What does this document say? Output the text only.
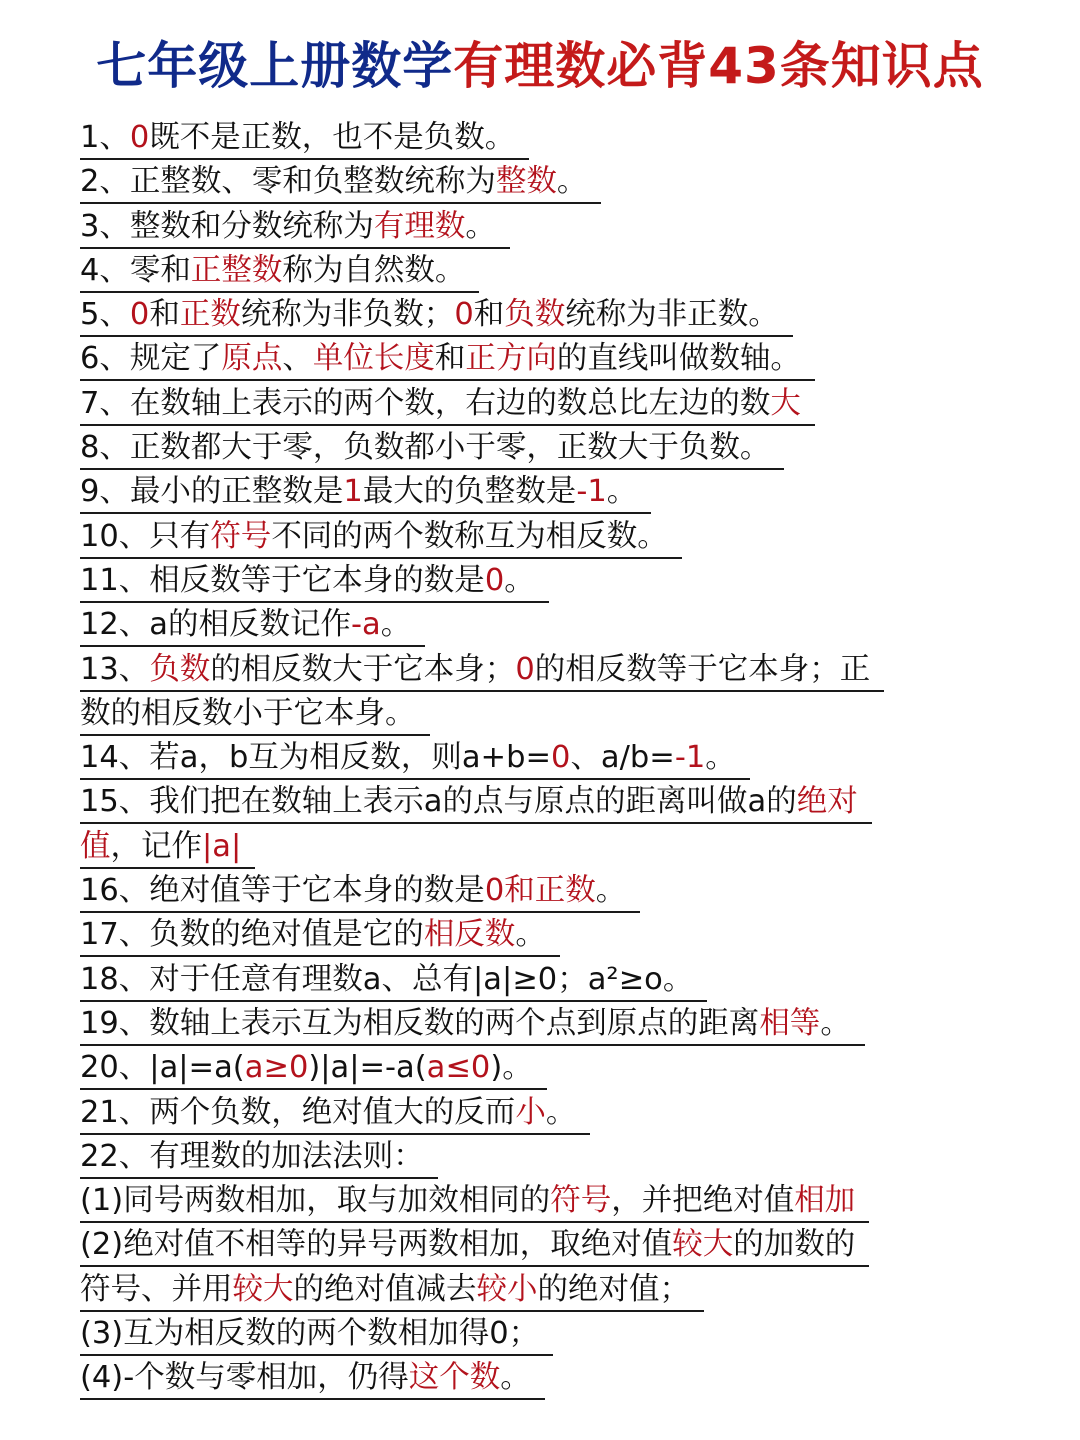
七年级上册数学有理数必背43条知识点
1、0既不是正数，也不是负数。
2、正整数、零和负整数统称为整数。
3、整数和分数统称为有理数。
4、零和正整数称为自然数。
5、0和正数统称为非负数；0和负数统称为非正数。
6、规定了原点、单位长度和正方向的直线叫做数轴。
7、在数轴上表示的两个数，右边的数总比左边的数大
8、正数都大于零，负数都小于零，正数大于负数。
9、最小的正整数是1最大的负整数是-1。
10、只有符号不同的两个数称互为相反数。
11、相反数等于它本身的数是0。
12、a的相反数记作-a。
13、负数的相反数大于它本身；0的相反数等于它本身；正
数的相反数小于它本身。
14、若a，b互为相反数，则a+b=0、a/b=-1。
15、我们把在数轴上表示a的点与原点的距离叫做a的绝对
值，记作|a|
16、绝对值等于它本身的数是0和正数。
17、负数的绝对值是它的相反数。
18、对于任意有理数a、总有|a|≥0；a²≥o。
19、数轴上表示互为相反数的两个点到原点的距离相等。
20、|a|=a(a≥0)|a|=-a(a≤0)。
21、两个负数，绝对值大的反而小。
22、有理数的加法法则：
(1)同号两数相加，取与加效相同的符号，并把绝对值相加
(2)绝对值不相等的异号两数相加，取绝对值较大的加数的
符号、并用较大的绝对值减去较小的绝对值；
(3)互为相反数的两个数相加得0；
(4)-个数与零相加，仍得这个数。
